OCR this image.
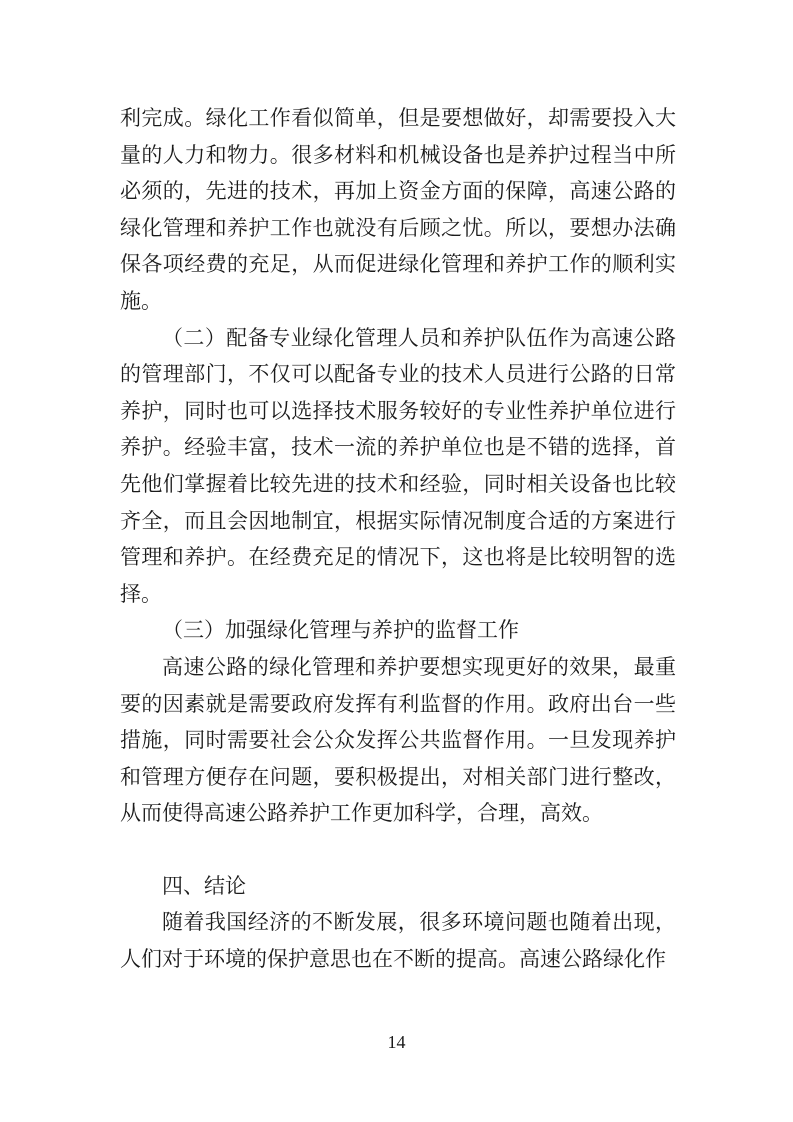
利完成。绿化工作看似简单，但是要想做好，却需要投入大量的人力和物力。很多材料和机械设备也是养护过程当中所必须的，先进的技术，再加上资金方面的保障，高速公路的绿化管理和养护工作也就没有后顾之忧。所以，要想办法确保各项经费的充足，从而促进绿化管理和养护工作的顺利实施。

（二）配备专业绿化管理人员和养护队伍作为高速公路的管理部门，不仅可以配备专业的技术人员进行公路的日常养护，同时也可以选择技术服务较好的专业性养护单位进行养护。经验丰富，技术一流的养护单位也是不错的选择，首先他们掌握着比较先进的技术和经验，同时相关设备也比较齐全，而且会因地制宜，根据实际情况制度合适的方案进行管理和养护。在经费充足的情况下，这也将是比较明智的选择。

（三）加强绿化管理与养护的监督工作

高速公路的绿化管理和养护要想实现更好的效果，最重要的因素就是需要政府发挥有利监督的作用。政府出台一些措施，同时需要社会公众发挥公共监督作用。一旦发现养护和管理方便存在问题，要积极提出，对相关部门进行整改，从而使得高速公路养护工作更加科学，合理，高效。

四、结论

随着我国经济的不断发展，很多环境问题也随着出现，人们对于环境的保护意思也在不断的提高。高速公路绿化作

14
